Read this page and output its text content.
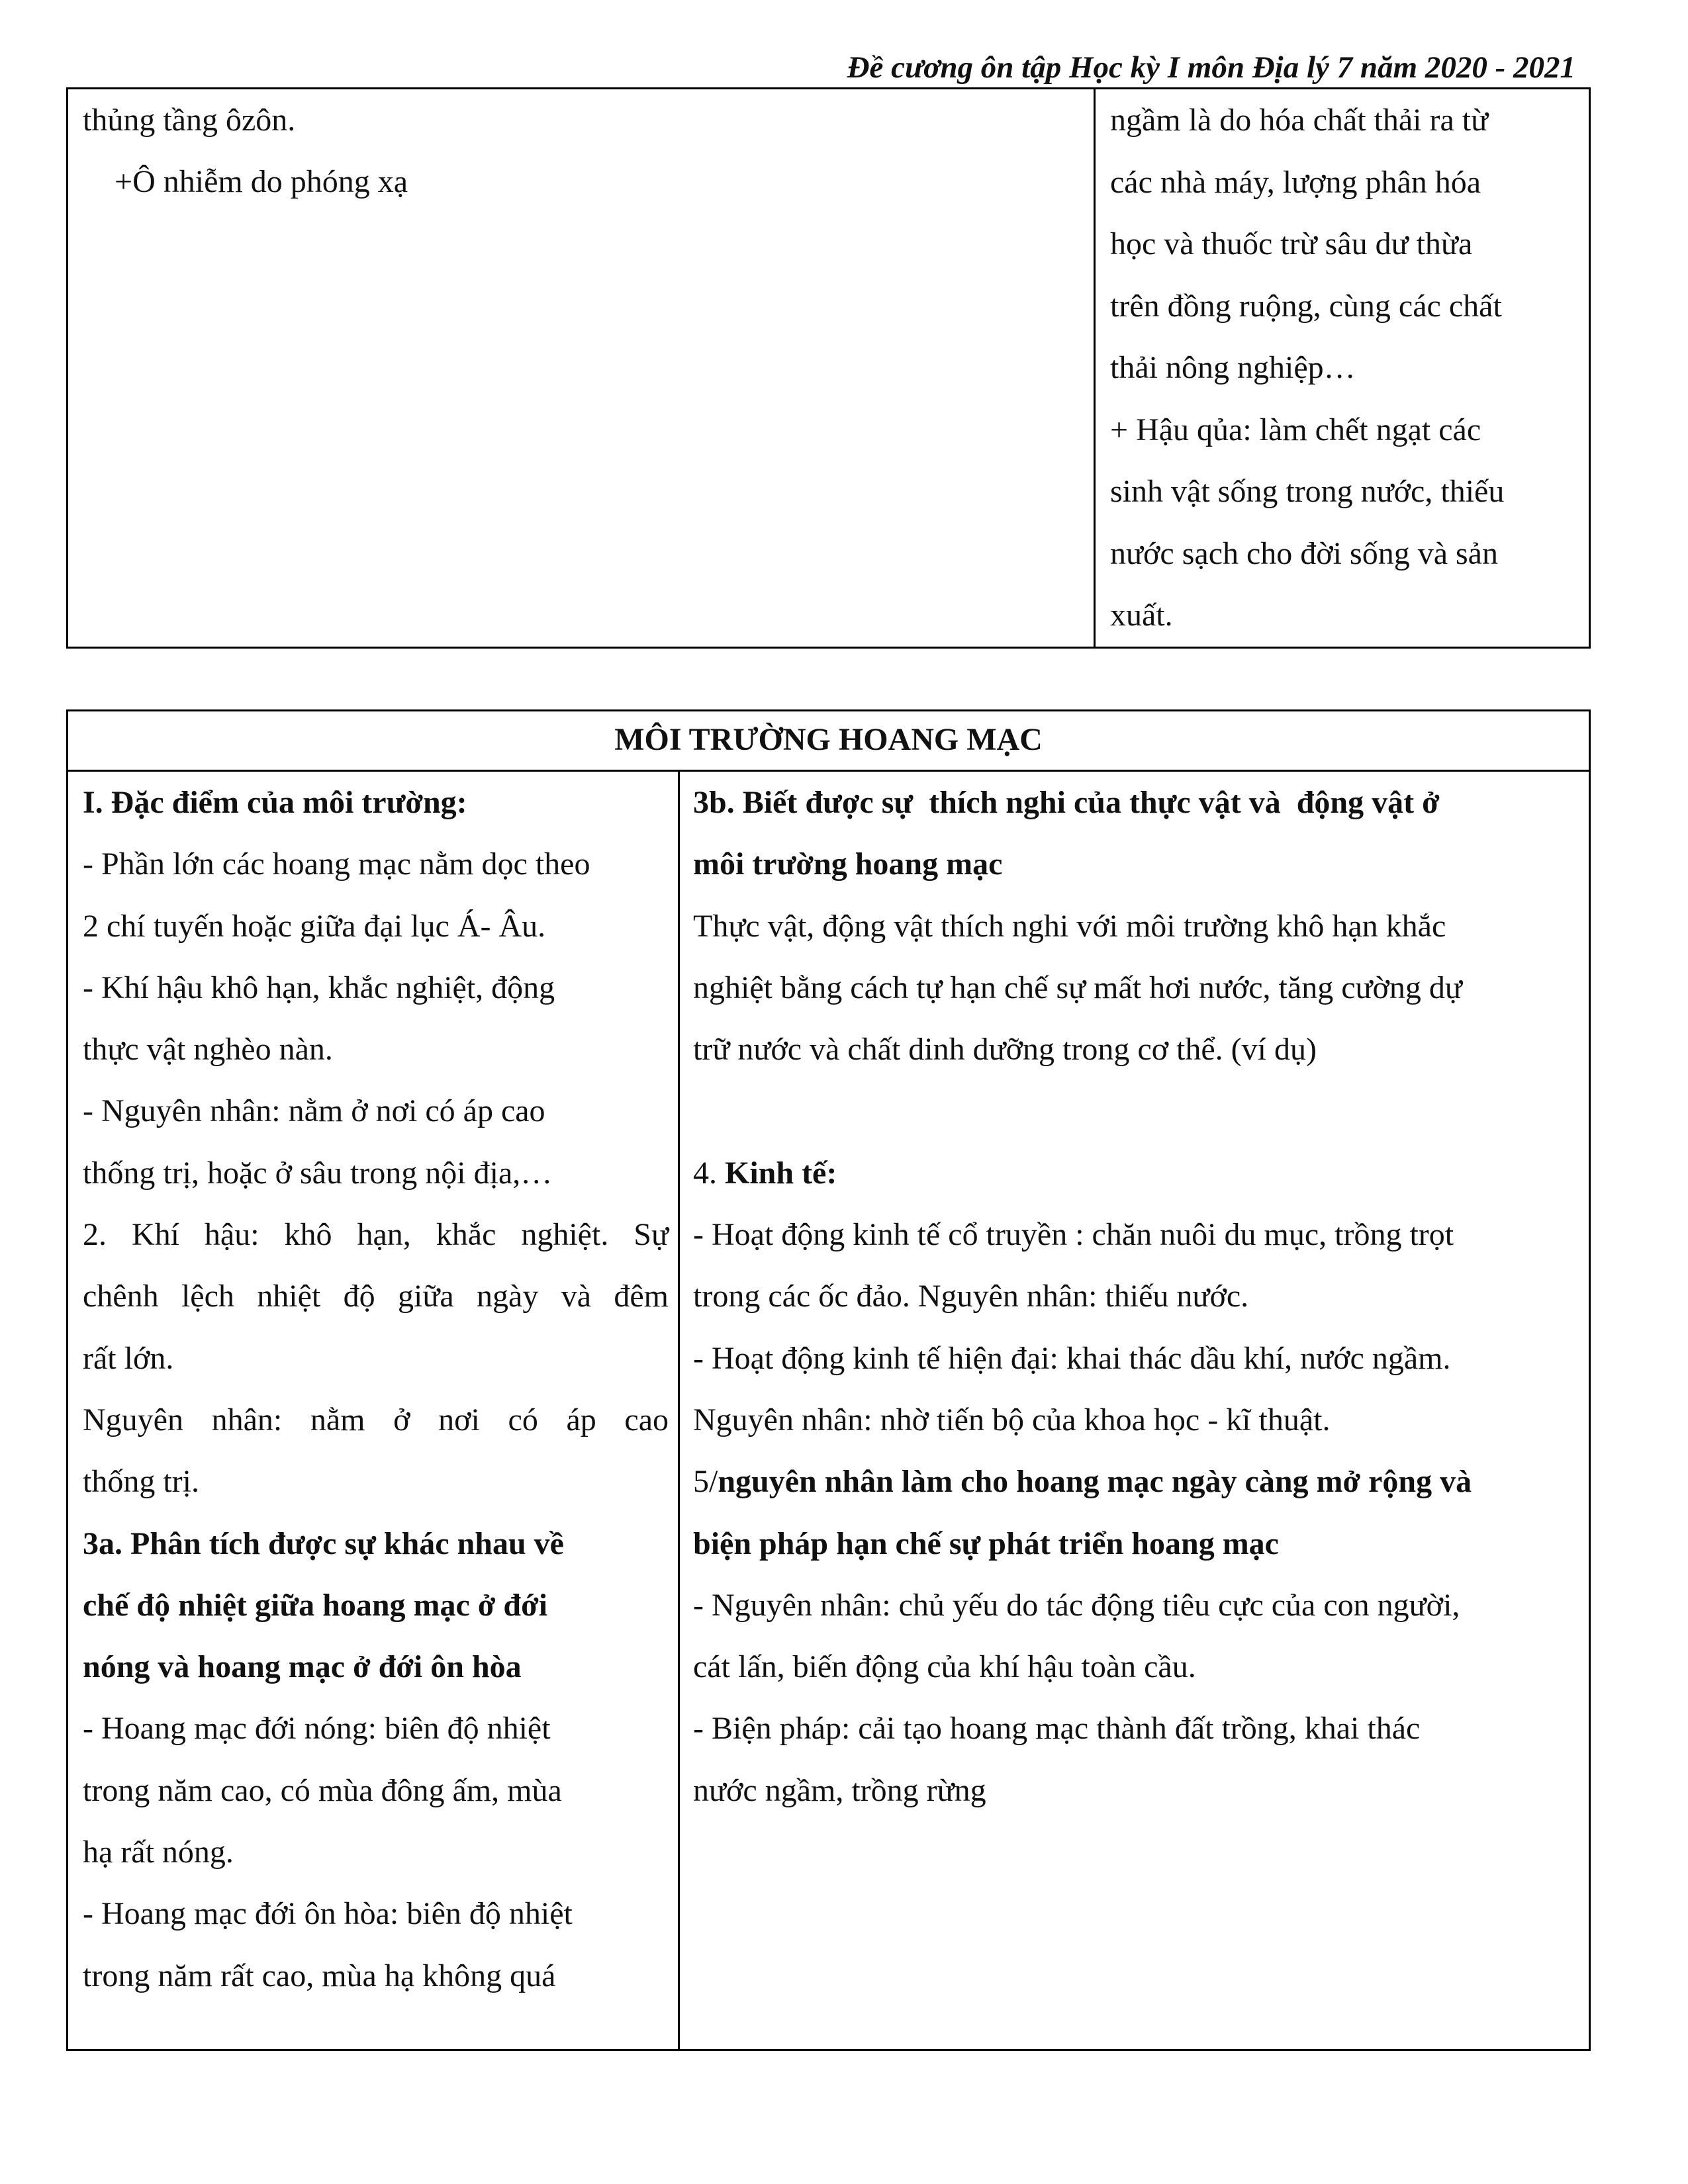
Đề cương ôn tập Học kỳ I môn Địa lý 7 năm 2020 - 2021
thủng tầng ôzôn.
+Ô nhiễm do phóng xạ

ngầm là do hóa chất thải ra từ
các nhà máy, lượng phân hóa
học và thuốc trừ sâu dư thừa
trên đồng ruộng, cùng các chất
thải nông nghiệp…
+ Hậu qủa: làm chết ngạt các
sinh vật sống trong nước, thiếu
nước sạch cho đời sống và sản
xuất.
MÔI TRƯỜNG HOANG MẠC

I. Đặc điểm của môi trường:
- Phần lớn các hoang mạc nằm dọc theo
2 chí tuyến hoặc giữa đại lục Á- Âu.
- Khí hậu khô hạn, khắc nghiệt, động
thực vật nghèo nàn.
- Nguyên nhân: nằm ở nơi có áp cao
thống trị, hoặc ở sâu trong nội địa,…
2. Khí hậu: khô hạn, khắc nghiệt. Sự
chênh lệch nhiệt độ giữa ngày và đêm
rất lớn.
Nguyên nhân: nằm ở nơi có áp cao
thống trị.
3a. Phân tích được sự khác nhau về
chế độ nhiệt giữa hoang mạc ở đới
nóng và hoang mạc ở đới ôn hòa
- Hoang mạc đới nóng: biên độ nhiệt
trong năm cao, có mùa đông ấm, mùa
hạ rất nóng.
- Hoang mạc đới ôn hòa: biên độ nhiệt
trong năm rất cao, mùa hạ không quá

3b. Biết được sự  thích nghi của thực vật và  động vật ở
môi trường hoang mạc
Thực vật, động vật thích nghi với môi trường khô hạn khắc
nghiệt bằng cách tự hạn chế sự mất hơi nước, tăng cường dự
trữ nước và chất dinh dưỡng trong cơ thể. (ví dụ)

4. Kinh tế:
- Hoạt động kinh tế cổ truyền : chăn nuôi du mục, trồng trọt
trong các ốc đảo. Nguyên nhân: thiếu nước.
- Hoạt động kinh tế hiện đại: khai thác dầu khí, nước ngầm.
Nguyên nhân: nhờ tiến bộ của khoa học - kĩ thuật.
5/nguyên nhân làm cho hoang mạc ngày càng mở rộng và
biện pháp hạn chế sự phát triển hoang mạc
- Nguyên nhân: chủ yếu do tác động tiêu cực của con người,
cát lấn, biến động của khí hậu toàn cầu.
- Biện pháp: cải tạo hoang mạc thành đất trồng, khai thác
nước ngầm, trồng rừng
